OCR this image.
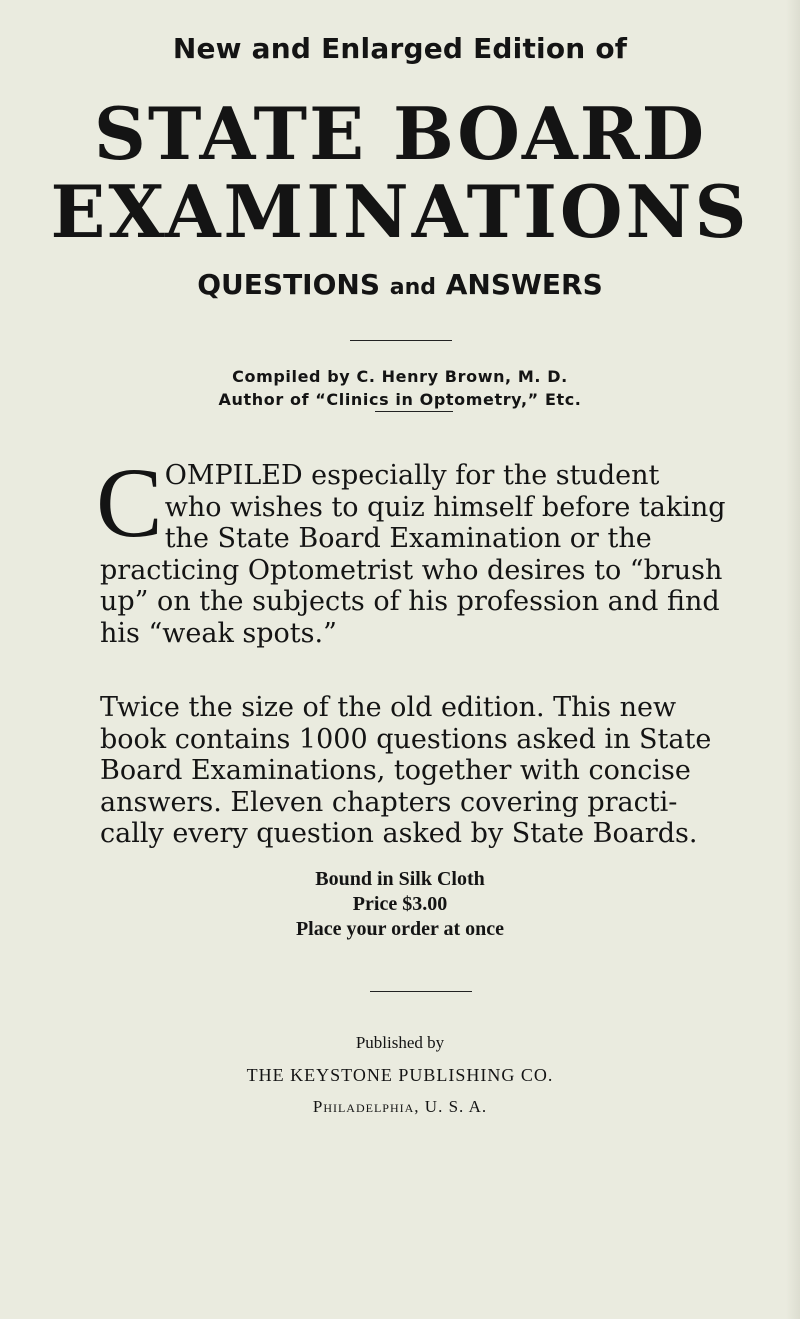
New and Enlarged Edition of
STATE BOARD
EXAMINATIONS
QUESTIONS and ANSWERS
Compiled by C. Henry Brown, M. D.
Author of “Clinics in Optometry,” Etc.
C OMPILED especially for the student
who wishes to quiz himself before taking
the State Board Examination or the
practicing Optometrist who desires to “brush
up” on the subjects of his profession and find
his “weak spots.”
Twice the size of the old edition. This new
book contains 1000 questions asked in State
Board Examinations, together with concise
answers. Eleven chapters covering practi-
cally every question asked by State Boards.
Bound in Silk Cloth
Price $3.00
Place your order at once
Published by
THE KEYSTONE PUBLISHING CO.
Philadelphia, U. S. A.
